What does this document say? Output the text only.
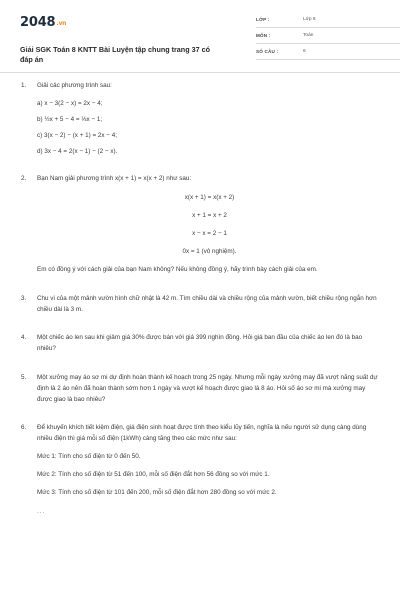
2048.vn
Giải SGK Toán 8 KNTT Bài Luyện tập chung trang 37 có đáp án
LỚP :	Lớp 8
MÔN :	Toán
SỐ CÂU :	6
1. Giải các phương trình sau:
a) x − 3(2 − x) = 2x − 4;
b) ½x + 5 − 4 = ⅓x − 1;
c) 3(x − 2) − (x + 1) = 2x − 4;
d) 3x − 4 = 2(x − 1) − (2 − x).
2. Bạn Nam giải phương trình x(x + 1) = x(x + 2) như sau:
x(x + 1) = x(x + 2)
x + 1 = x + 2
x − x = 2 − 1
0x = 1 (vô nghiệm).
Em có đồng ý với cách giải của bạn Nam không? Nếu không đồng ý, hãy trình bày cách giải của em.
3. Chu vi của một mảnh vườn hình chữ nhật là 42 m. Tìm chiều dài và chiều rộng của mảnh vườn, biết chiều rộng ngắn hơn chiều dài là 3 m.
4. Một chiếc áo len sau khi giảm giá 30% được bán với giá 399 nghìn đồng. Hỏi giá ban đầu của chiếc áo len đó là bao nhiêu?
5. Một xưởng may áo sơ mi dự định hoàn thành kế hoạch trong 25 ngày. Nhưng mỗi ngày xưởng may đã vượt năng suất dự định là 2 áo nên đã hoàn thành sớm hơn 1 ngày và vượt kế hoạch được giao là 8 áo. Hỏi số áo sơ mi mà xưởng may được giao là bao nhiêu?
6. Để khuyến khích tiết kiệm điện, giá điện sinh hoạt được tính theo kiểu lũy tiến, nghĩa là nếu người sử dụng càng dùng nhiều điện thì giá mỗi số điện (1kWh) càng tăng theo các mức như sau:
Mức 1: Tính cho số điện từ 0 đến 50.
Mức 2: Tính cho số điện từ 51 đến 100, mỗi số điện đắt hơn 56 đồng so với mức 1.
Mức 3: Tính cho số điện từ 101 đến 200, mỗi số điện đắt hơn 280 đồng so với mức 2.
...
